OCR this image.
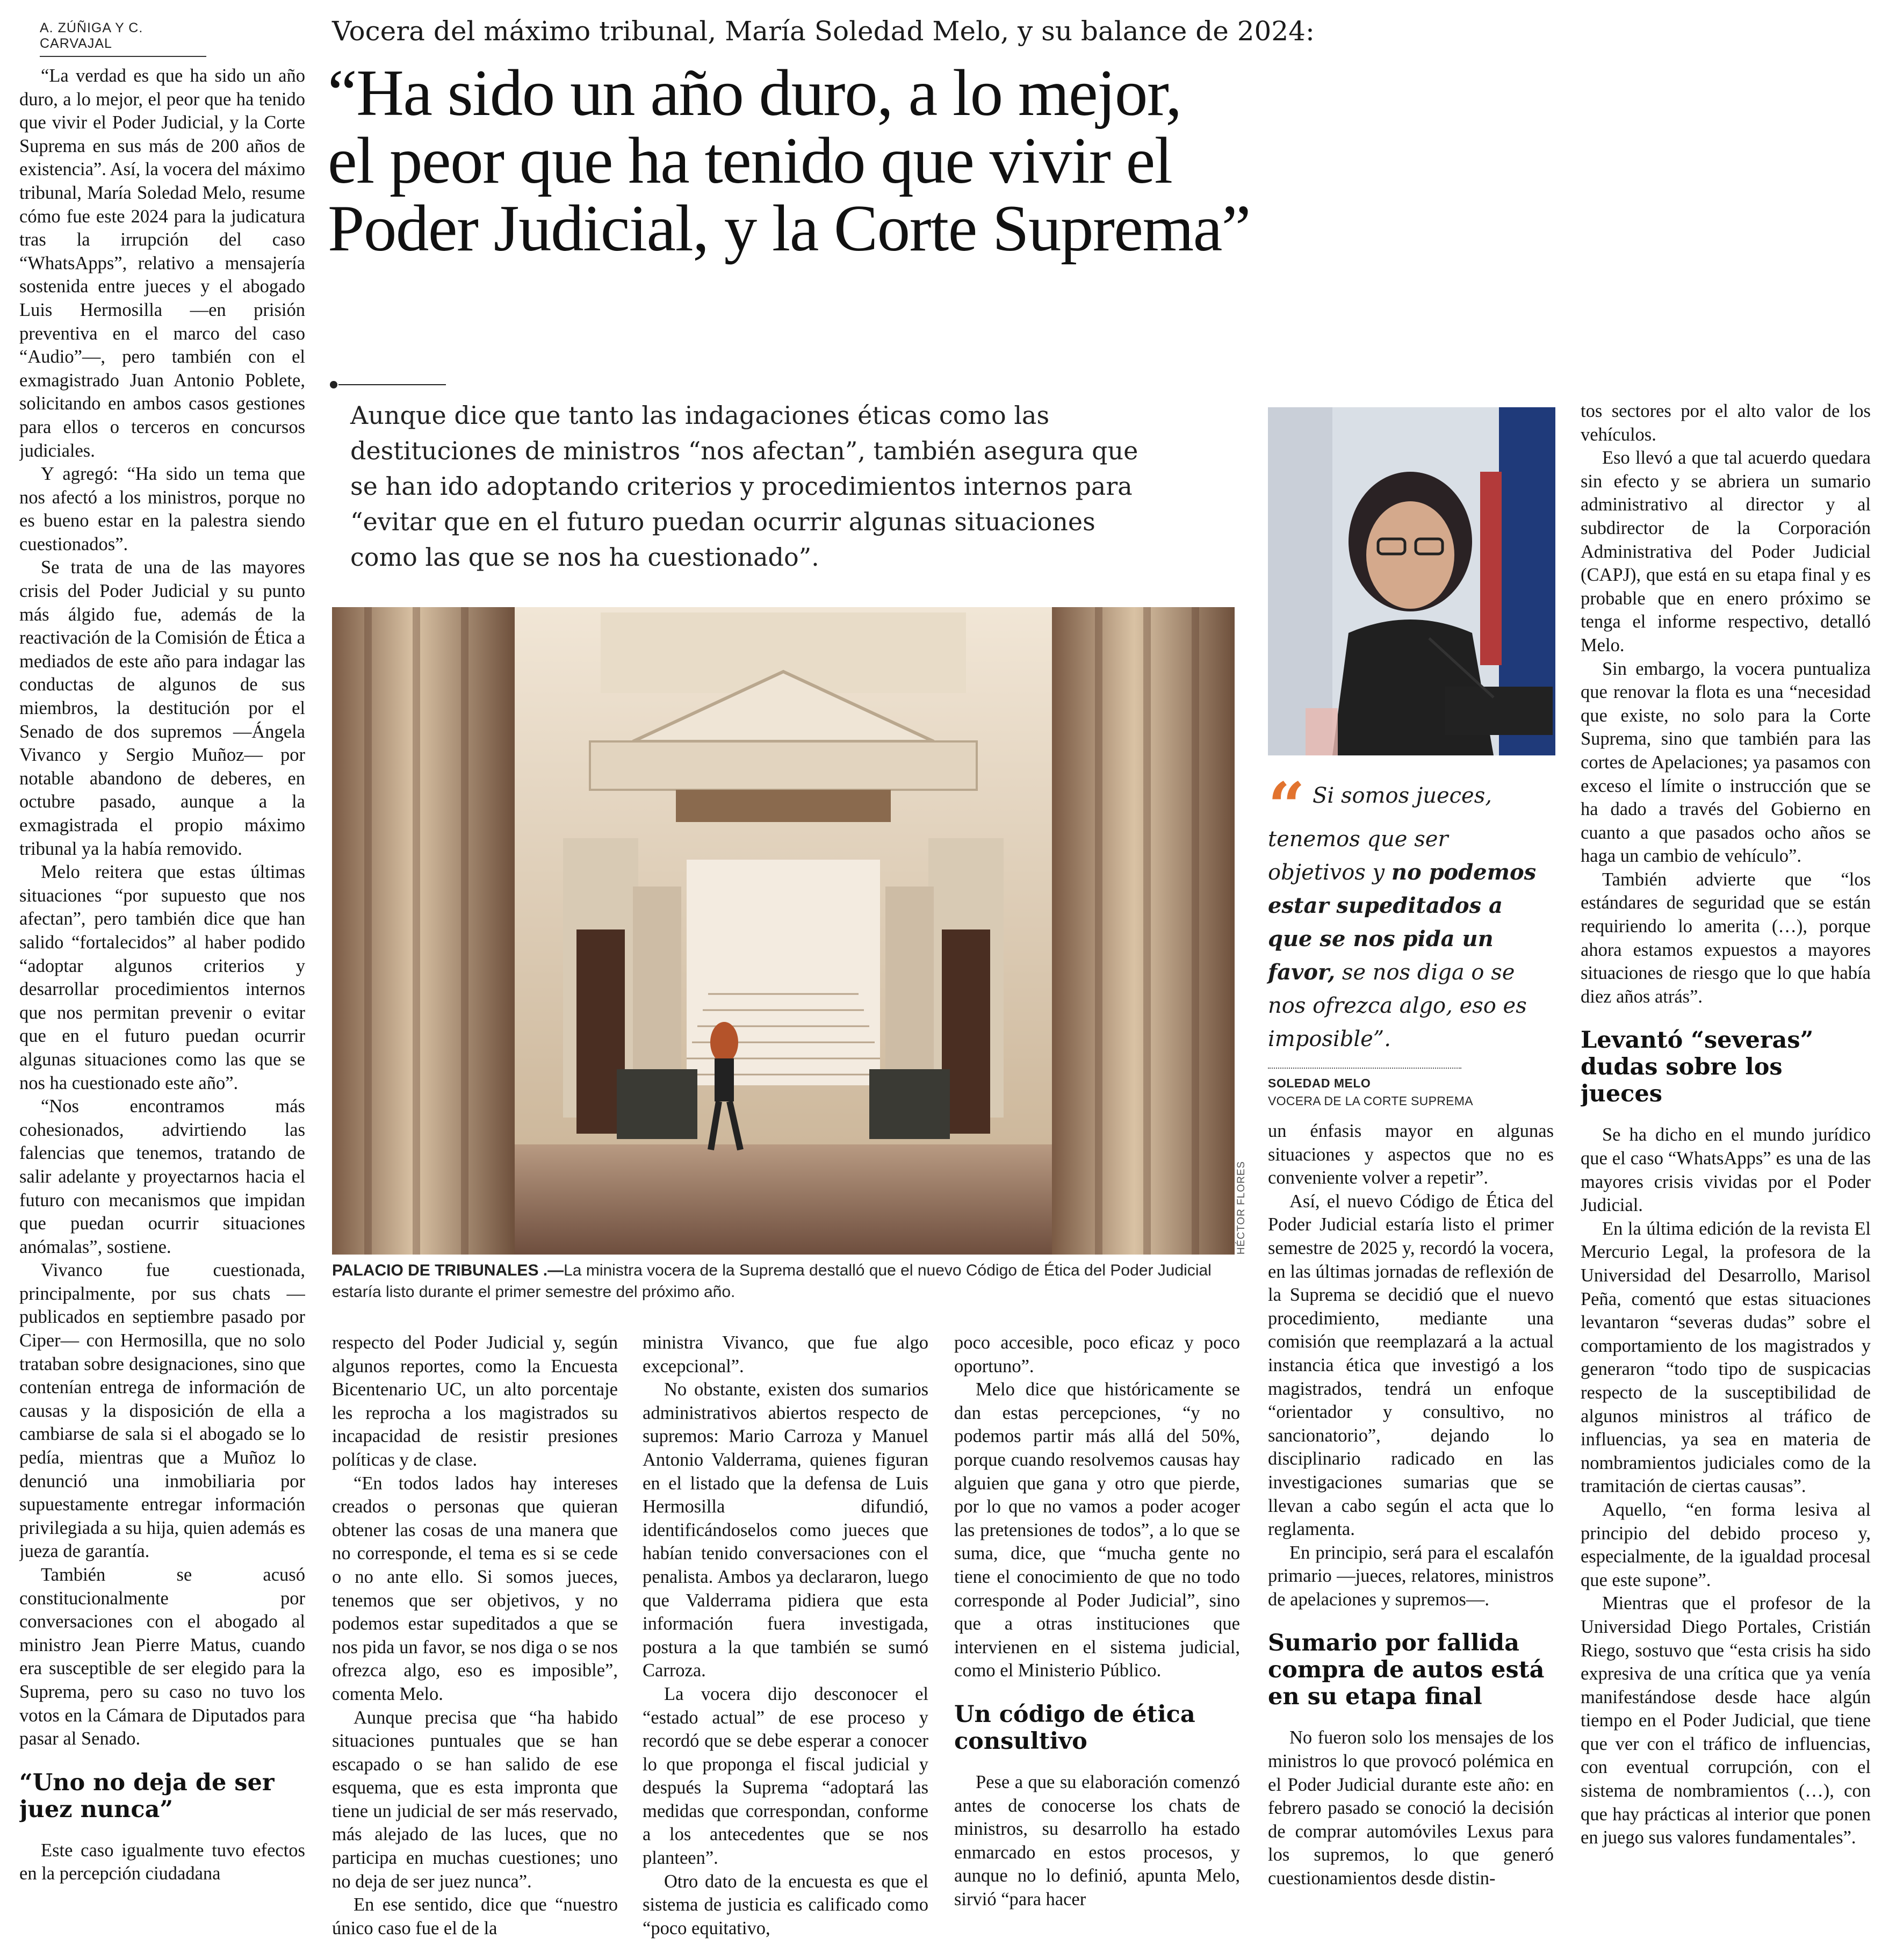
A. ZÚÑIGA Y C. CARVAJAL	Vocera del máximo tribunal, María Soledad Melo, y su balance de 2024:
“Ha sido un año duro, a lo mejor,
el peor que ha tenido que vivir el
Poder Judicial, y la Corte Suprema”
Aunque dice que tanto las indagaciones éticas como las
destituciones de ministros “nos afectan”, también asegura que
se han ido adoptando criterios y procedimientos internos para
“evitar que en el futuro puedan ocurrir algunas situaciones
como las que se nos ha cuestionado”.
HÉCTOR FLORES
PALACIO DE TRIBUNALES .—La ministra vocera de la Suprema destalló que el nuevo Código de Ética del Poder Judicial estaría listo durante el primer semestre del próximo año.
“ Si somos jueces, tenemos que ser objetivos y no podemos estar supeditados a que se nos pida un favor, se nos diga o se nos ofrezca algo, eso es imposible”.
SOLEDAD MELO
VOCERA DE LA CORTE SUPREMA

“La verdad es que ha sido un año duro, a lo mejor, el peor que ha tenido que vivir el Poder Judicial, y la Corte Suprema en sus más de 200 años de existencia”. Así, la vocera del máximo tribunal, María Soledad Melo, resume cómo fue este 2024 para la judicatura tras la irrupción del caso “WhatsApps”, relativo a mensajería sostenida entre jueces y el abogado Luis Hermosilla —en prisión preventiva en el marco del caso “Audio”—, pero también con el exmagistrado Juan Antonio Poblete, solicitando en ambos casos gestiones para ellos o terceros en concursos judiciales.

Y agregó: “Ha sido un tema que nos afectó a los ministros, porque no es bueno estar en la palestra siendo cuestionados”.

Se trata de una de las mayores crisis del Poder Judicial y su punto más álgido fue, además de la reactivación de la Comisión de Ética a mediados de este año para indagar las conductas de algunos de sus miembros, la destitución por el Senado de dos supremos —Ángela Vivanco y Sergio Muñoz— por notable abandono de deberes, en octubre pasado, aunque a la exmagistrada el propio máximo tribunal ya la había removido.

Melo reitera que estas últimas situaciones “por supuesto que nos afectan”, pero también dice que han salido “fortalecidos” al haber podido “adoptar algunos criterios y desarrollar procedimientos internos que nos permitan prevenir o evitar que en el futuro puedan ocurrir algunas situaciones como las que se nos ha cuestionado este año”.

“Nos encontramos más cohesionados, advirtiendo las falencias que tenemos, tratando de salir adelante y proyectarnos hacia el futuro con mecanismos que impidan que puedan ocurrir situaciones anómalas”, sostiene.

Vivanco fue cuestionada, principalmente, por sus chats —publicados en septiembre pasado por Ciper— con Hermosilla, que no solo trataban sobre designaciones, sino que contenían entrega de información de causas y la disposición de ella a cambiarse de sala si el abogado se lo pedía, mientras que a Muñoz lo denunció una inmobiliaria por supuestamente entregar información privilegiada a su hija, quien además es jueza de garantía.

También se acusó constitucionalmente por conversaciones con el abogado al ministro Jean Pierre Matus, cuando era susceptible de ser elegido para la Suprema, pero su caso no tuvo los votos en la Cámara de Diputados para pasar al Senado.

“Uno no deja de ser juez nunca”

Este caso igualmente tuvo efectos en la percepción ciudadana

respecto del Poder Judicial y, según algunos reportes, como la Encuesta Bicentenario UC, un alto porcentaje les reprocha a los magistrados su incapacidad de resistir presiones políticas y de clase.

“En todos lados hay intereses creados o personas que quieran obtener las cosas de una manera que no corresponde, el tema es si se cede o no ante ello. Si somos jueces, tenemos que ser objetivos, y no podemos estar supeditados a que se nos pida un favor, se nos diga o se nos ofrezca algo, eso es imposible”, comenta Melo.

Aunque precisa que “ha habido situaciones puntuales que se han escapado o se han salido de ese esquema, que es esta impronta que tiene un judicial de ser más reservado, más alejado de las luces, que no participa en muchas cuestiones; uno no deja de ser juez nunca”.

En ese sentido, dice que “nuestro único caso fue el de la

ministra Vivanco, que fue algo excepcional”.

No obstante, existen dos sumarios administrativos abiertos respecto de supremos: Mario Carroza y Manuel Antonio Valderrama, quienes figuran en el listado que la defensa de Luis Hermosilla difundió, identificándoselos como jueces que habían tenido conversaciones con el penalista. Ambos ya declararon, luego que Valderrama pidiera que esta información fuera investigada, postura a la que también se sumó Carroza.

La vocera dijo desconocer el “estado actual” de ese proceso y recordó que se debe esperar a conocer lo que proponga el fiscal judicial y después la Suprema “adoptará las medidas que correspondan, conforme a los antecedentes que se nos planteen”.

Otro dato de la encuesta es que el sistema de justicia es calificado como “poco equitativo,

poco accesible, poco eficaz y poco oportuno”.

Melo dice que históricamente se dan estas percepciones, “y no podemos partir más allá del 50%, porque cuando resolvemos causas hay alguien que gana y otro que pierde, por lo que no vamos a poder acoger las pretensiones de todos”, a lo que se suma, dice, que “mucha gente no tiene el conocimiento de que no todo corresponde al Poder Judicial”, sino que a otras instituciones que intervienen en el sistema judicial, como el Ministerio Público.

Un código de ética consultivo

Pese a que su elaboración comenzó antes de conocerse los chats de ministros, su desarrollo ha estado enmarcado en estos procesos, y aunque no lo definió, apunta Melo, sirvió “para hacer

un énfasis mayor en algunas situaciones y aspectos que no es conveniente volver a repetir”.

Así, el nuevo Código de Ética del Poder Judicial estaría listo el primer semestre de 2025 y, recordó la vocera, en las últimas jornadas de reflexión de la Suprema se decidió que el nuevo procedimiento, mediante una comisión que reemplazará a la actual instancia ética que investigó a los magistrados, tendrá un enfoque “orientador y consultivo, no sancionatorio”, dejando lo disciplinario radicado en las investigaciones sumarias que se llevan a cabo según el acta que lo reglamenta.

En principio, será para el escalafón primario —jueces, relatores, ministros de apelaciones y supremos—.

Sumario por fallida compra de autos está en su etapa final

No fueron solo los mensajes de los ministros lo que provocó polémica en el Poder Judicial durante este año: en febrero pasado se conoció la decisión de comprar automóviles Lexus para los supremos, lo que generó cuestionamientos desde distin-

tos sectores por el alto valor de los vehículos.

Eso llevó a que tal acuerdo quedara sin efecto y se abriera un sumario administrativo al director y al subdirector de la Corporación Administrativa del Poder Judicial (CAPJ), que está en su etapa final y es probable que en enero próximo se tenga el informe respectivo, detalló Melo.

Sin embargo, la vocera puntualiza que renovar la flota es una “necesidad que existe, no solo para la Corte Suprema, sino que también para las cortes de Apelaciones; ya pasamos con exceso el límite o instrucción que se ha dado a través del Gobierno en cuanto a que pasados ocho años se haga un cambio de vehículo”.

También advierte que “los estándares de seguridad que se están requiriendo lo amerita (…), porque ahora estamos expuestos a mayores situaciones de riesgo que lo que había diez años atrás”.

Levantó “severas” dudas sobre los jueces

Se ha dicho en el mundo jurídico que el caso “WhatsApps” es una de las mayores crisis vividas por el Poder Judicial.

En la última edición de la revista El Mercurio Legal, la profesora de la Universidad del Desarrollo, Marisol Peña, comentó que estas situaciones levantaron “severas dudas” sobre el comportamiento de los magistrados y generaron “todo tipo de suspicacias respecto de la susceptibilidad de algunos ministros al tráfico de influencias, ya sea en materia de nombramientos judiciales como de la tramitación de ciertas causas”.

Aquello, “en forma lesiva al principio del debido proceso y, especialmente, de la igualdad procesal que este supone”.

Mientras que el profesor de la Universidad Diego Portales, Cristián Riego, sostuvo que “esta crisis ha sido expresiva de una crítica que ya venía manifestándose desde hace algún tiempo en el Poder Judicial, que tiene que ver con el tráfico de influencias, con eventual corrupción, con el sistema de nombramientos (…), con que hay prácticas al interior que ponen en juego sus valores fundamentales”.
